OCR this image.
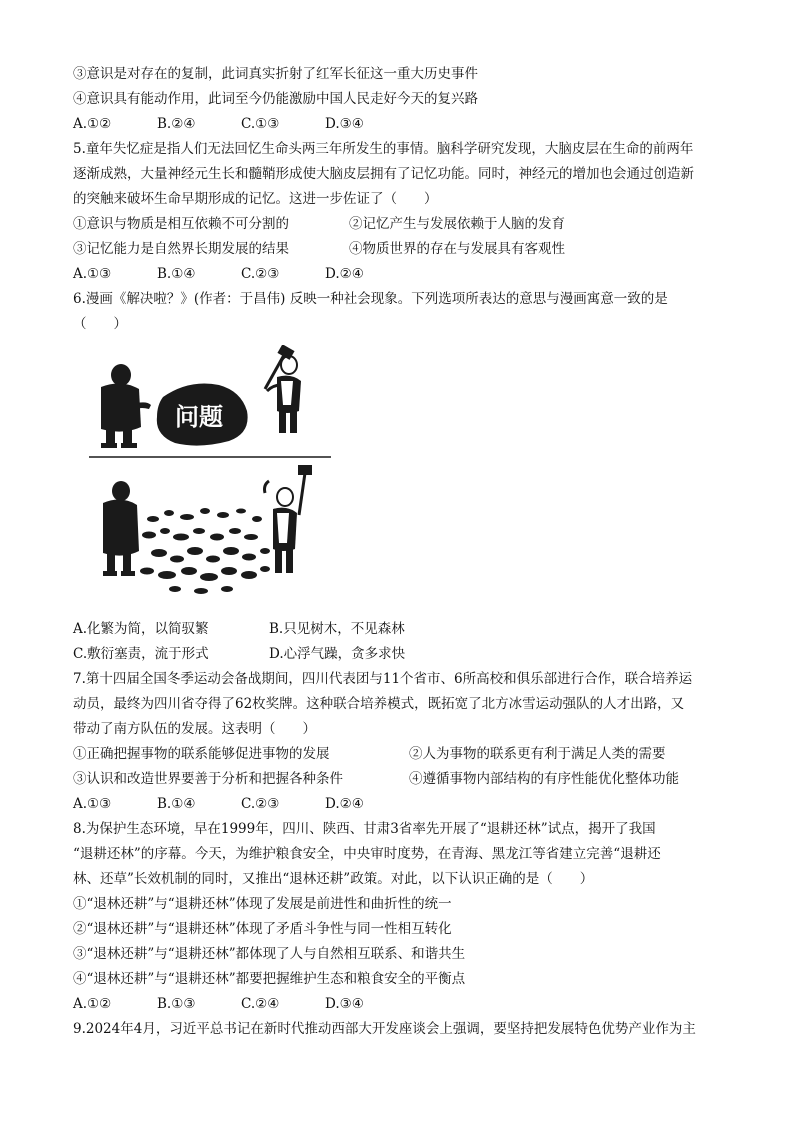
③意识是对存在的复制，此词真实折射了红军长征这一重大历史事件
④意识具有能动作用，此词至今仍能激励中国人民走好今天的复兴路
A.①②	B.②④	C.①③	D.③④
5.童年失忆症是指人们无法回忆生命头两三年所发生的事情。脑科学研究发现，大脑皮层在生命的前两年
逐渐成熟，大量神经元生长和髓鞘形成使大脑皮层拥有了记忆功能。同时，神经元的增加也会通过创造新
的突触来破坏生命早期形成的记忆。这进一步佐证了（　　）
①意识与物质是相互依赖不可分割的	②记忆产生与发展依赖于人脑的发育
③记忆能力是自然界长期发展的结果	④物质世界的存在与发展具有客观性
A.①③	B.①④	C.②③	D.②④
6.漫画《解决啦？》(作者：于昌伟) 反映一种社会现象。下列选项所表达的意思与漫画寓意一致的是
（　　）
问题
A.化繁为简，以简驭繁	B.只见树木，不见森林
C.敷衍塞责，流于形式	D.心浮气躁，贪多求快
7.第十四届全国冬季运动会备战期间，四川代表团与11个省市、6所高校和俱乐部进行合作，联合培养运
动员，最终为四川省夺得了62枚奖牌。这种联合培养模式，既拓宽了北方冰雪运动强队的人才出路，又
带动了南方队伍的发展。这表明（　　）
①正确把握事物的联系能够促进事物的发展	②人为事物的联系更有利于满足人类的需要
③认识和改造世界要善于分析和把握各种条件	④遵循事物内部结构的有序性能优化整体功能
A.①③	B.①④	C.②③	D.②④
8.为保护生态环境，早在1999年，四川、陕西、甘肃3省率先开展了“退耕还林”试点，揭开了我国
“退耕还林”的序幕。今天，为维护粮食安全，中央审时度势，在青海、黑龙江等省建立完善“退耕还
林、还草”长效机制的同时，又推出“退林还耕”政策。对此，以下认识正确的是（　　）
①“退林还耕”与“退耕还林”体现了发展是前进性和曲折性的统一
②“退林还耕”与“退耕还林”体现了矛盾斗争性与同一性相互转化
③“退林还耕”与“退耕还林”都体现了人与自然相互联系、和谐共生
④“退林还耕”与“退耕还林”都要把握维护生态和粮食安全的平衡点
A.①②	B.①③	C.②④	D.③④
9.2024年4月，习近平总书记在新时代推动西部大开发座谈会上强调，要坚持把发展特色优势产业作为主
